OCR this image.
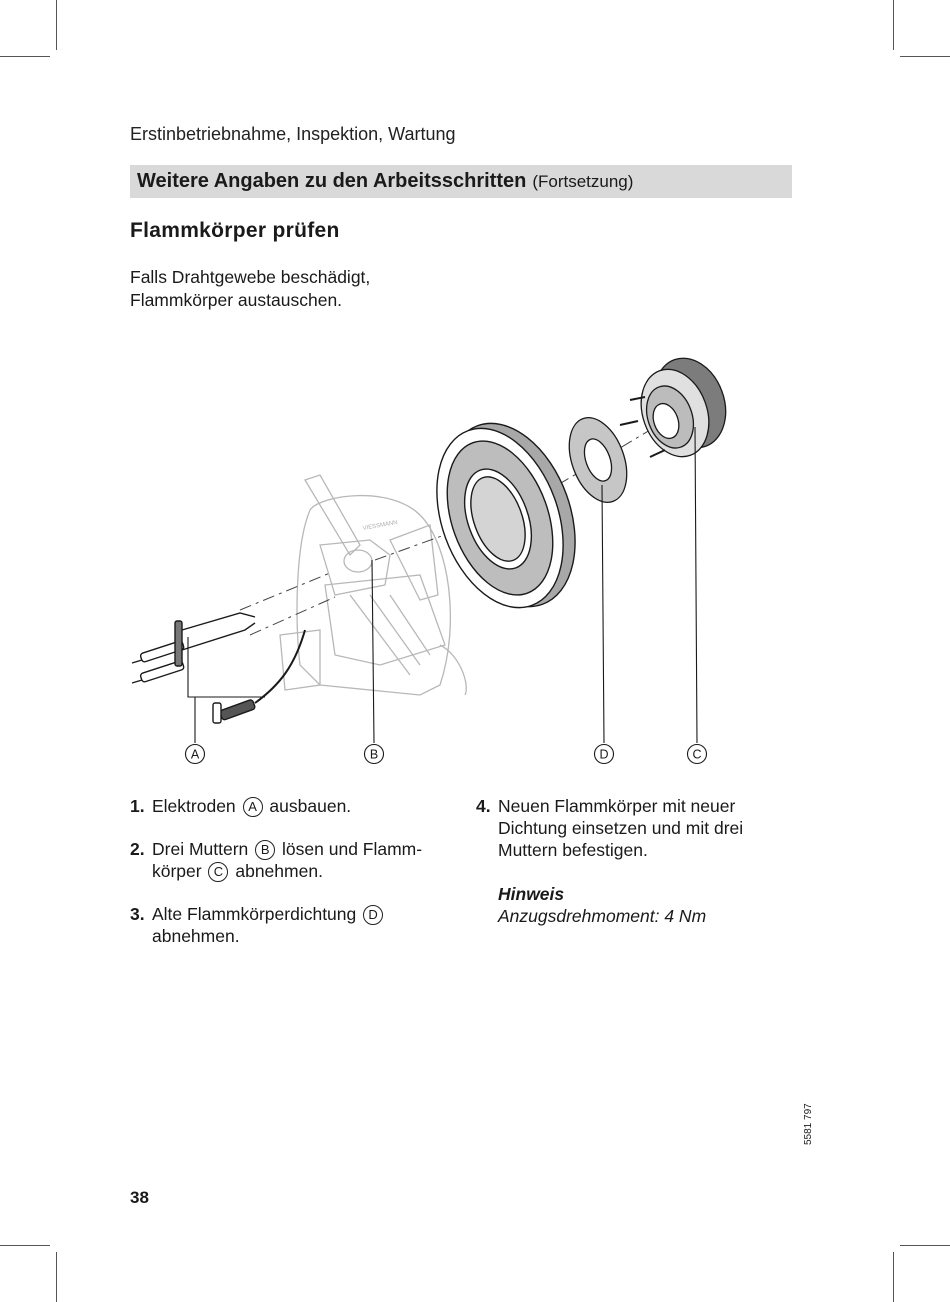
Erstinbetriebnahme, Inspektion, Wartung
Weitere Angaben zu den Arbeitsschritten (Fortsetzung)
Flammkörper prüfen
Falls Drahtgewebe beschädigt,
Flammkörper austauschen.
VIESSMANN
A	B	D	C
1. Elektroden A ausbauen.
2. Drei Muttern B lösen und Flamm-
körper C abnehmen.
3. Alte Flammkörperdichtung D
abnehmen.
4. Neuen Flammkörper mit neuer
Dichtung einsetzen und mit drei
Muttern befestigen.
Hinweis
Anzugsdrehmoment: 4 Nm
5581 797
38
